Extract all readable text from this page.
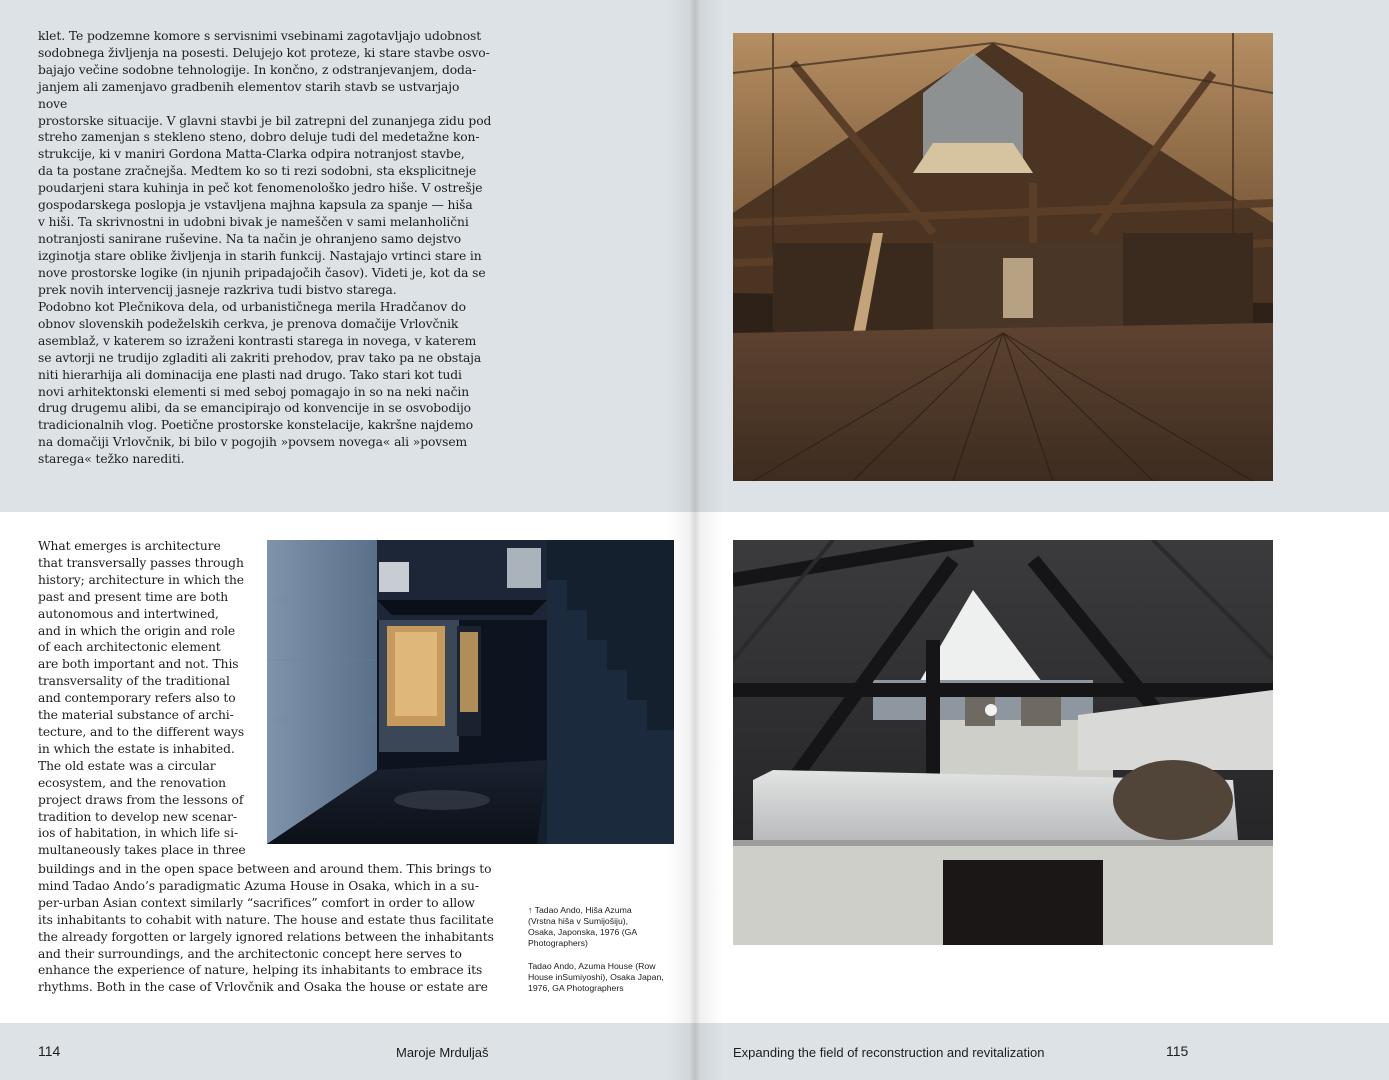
klet. Te podzemne komore s servisnimi vsebinami zagotavljajo udobnost
sodobnega življenja na posesti. Delujejo kot proteze, ki stare stavbe osvo-
bajajo večine sodobne tehnologije. In končno, z odstranjevanjem, doda-
janjem ali zamenjavo gradbenih elementov starih stavb se ustvarjajo nove
prostorske situacije. V glavni stavbi je bil zatrepni del zunanjega zidu pod
streho zamenjan s stekleno steno, dobro deluje tudi del medetažne kon-
strukcije, ki v maniri Gordona Matta-Clarka odpira notranjost stavbe,
da ta postane zračnejša. Medtem ko so ti rezi sodobni, sta eksplicitneje
poudarjeni stara kuhinja in peč kot fenomenološko jedro hiše. V ostrešje
gospodarskega poslopja je vstavljena majhna kapsula za spanje — hiša
v hiši. Ta skrivnostni in udobni bivak je nameščen v sami melanholični
notranjosti sanirane ruševine. Na ta način je ohranjeno samo dejstvo
izginotja stare oblike življenja in starih funkcij. Nastajajo vrtinci stare in
nove prostorske logike (in njunih pripadajočih časov). Videti je, kot da se
prek novih intervencij jasneje razkriva tudi bistvo starega.

Podobno kot Plečnikova dela, od urbanističnega merila Hradčanov do
obnov slovenskih podeželskih cerkva, je prenova domačije Vrlovčnik
asemblaž, v katerem so izraženi kontrasti starega in novega, v katerem
se avtorji ne trudijo zgladiti ali zakriti prehodov, prav tako pa ne obstaja
niti hierarhija ali dominacija ene plasti nad drugo. Tako stari kot tudi
novi arhitektonski elementi si med seboj pomagajo in so na neki način
drug drugemu alibi, da se emancipirajo od konvencije in se osvobodijo
tradicionalnih vlog. Poetične prostorske konstelacije, kakršne najdemo
na domačiji Vrlovčnik, bi bilo v pogojih »povsem novega« ali »povsem
starega« težko narediti.

What emerges is architecture
that transversally passes through
history; architecture in which the
past and present time are both
autonomous and intertwined,
and in which the origin and role
of each architectonic element
are both important and not. This
transversality of the traditional
and contemporary refers also to
the material substance of archi-
tecture, and to the different ways
in which the estate is inhabited.
The old estate was a circular
ecosystem, and the renovation
project draws from the lessons of
tradition to develop new scenar-
ios of habitation, in which life si-
multaneously takes place in three

buildings and in the open space between and around them. This brings to
mind Tadao Ando’s paradigmatic Azuma House in Osaka, which in a su-
per-urban Asian context similarly “sacrifices” comfort in order to allow
its inhabitants to cohabit with nature. The house and estate thus facilitate
the already forgotten or largely ignored relations between the inhabitants
and their surroundings, and the architectonic concept here serves to
enhance the experience of nature, helping its inhabitants to embrace its
rhythms. Both in the case of Vrlovčnik and Osaka the house or estate are

↑ Tadao Ando, Hiša Azuma
(Vrstna hiša v Sumijošiju),
Osaka, Japonska, 1976 (GA
Photographers)

Tadao Ando, Azuma House (Row
House inSumiyoshi), Osaka Japan,
1976, GA Photographers

114	Maroje Mrduljaš	Expanding the field of reconstruction and revitalization	115
